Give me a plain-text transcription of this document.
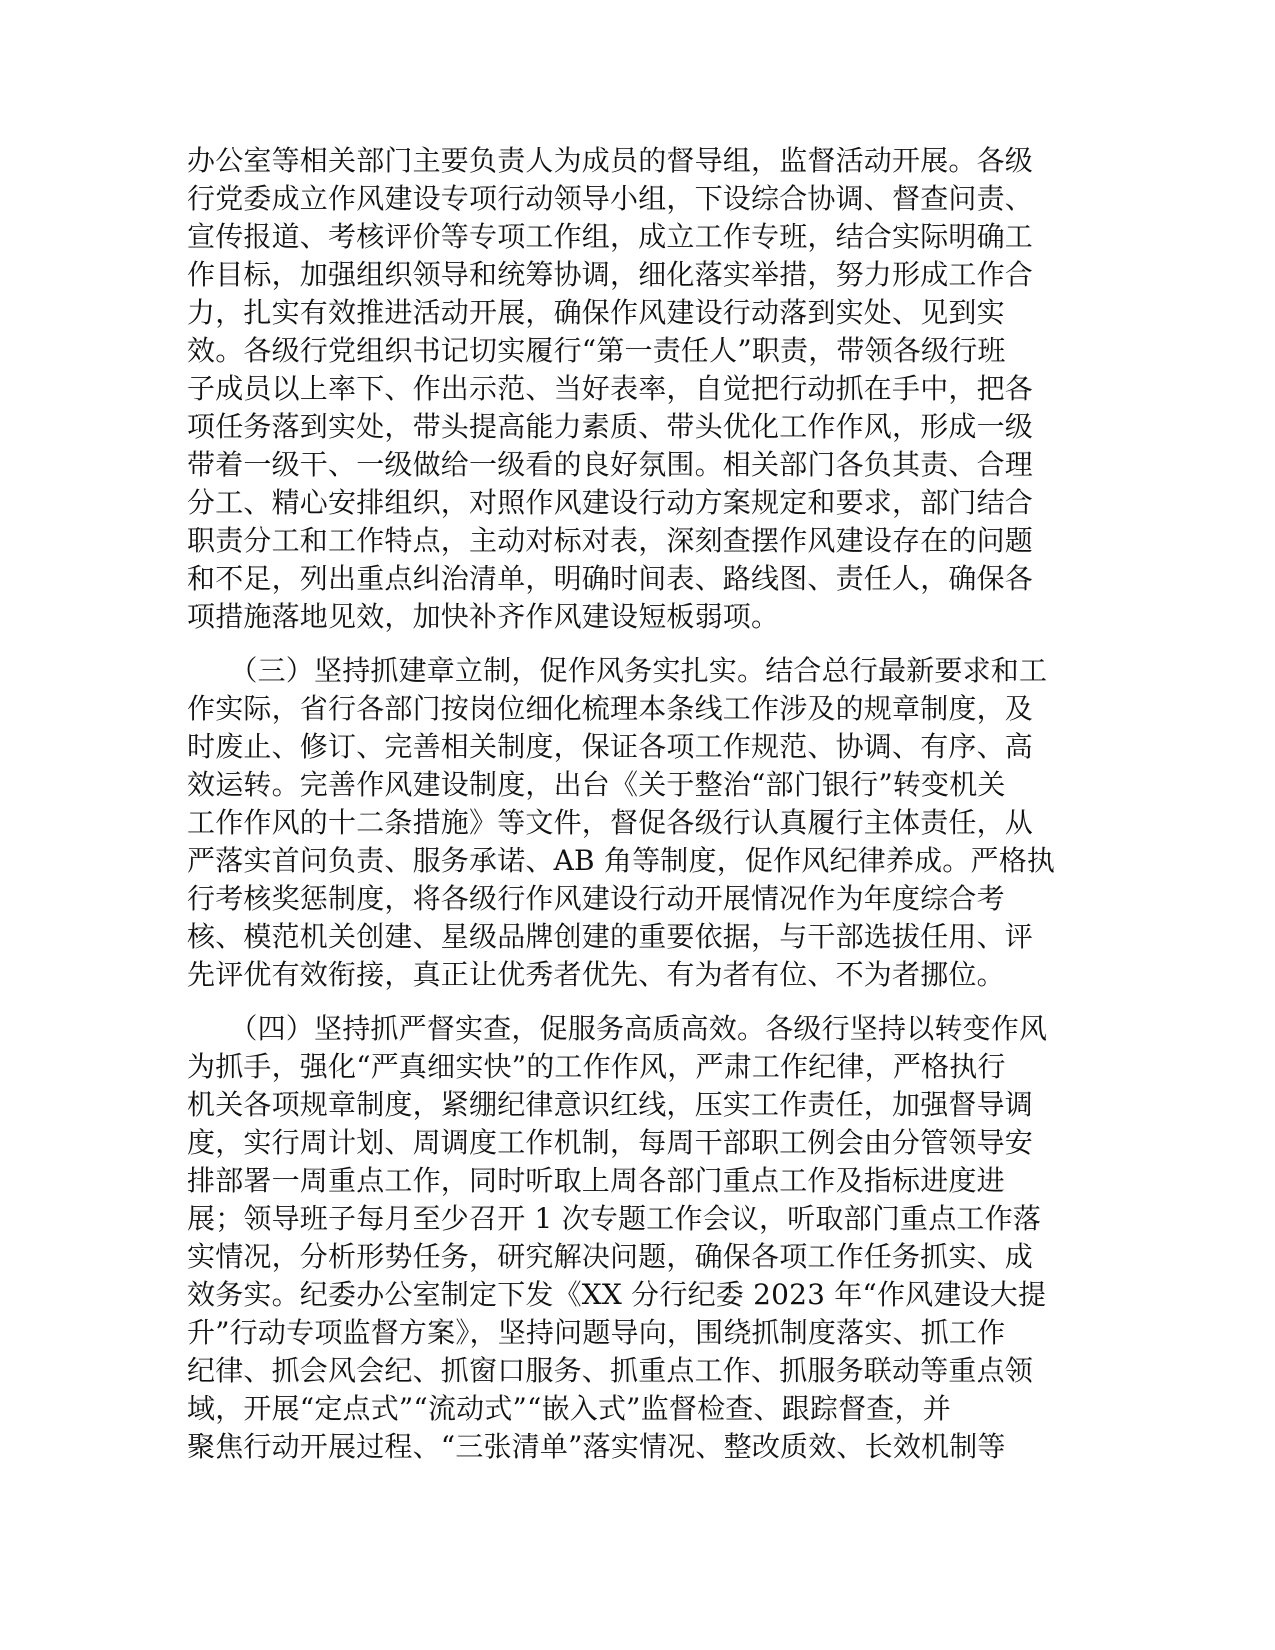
办公室等相关部门主要负责人为成员的督导组，监督活动开展。各级
行党委成立作风建设专项行动领导小组，下设综合协调、督查问责、
宣传报道、考核评价等专项工作组，成立工作专班，结合实际明确工
作目标，加强组织领导和统筹协调，细化落实举措，努力形成工作合
力，扎实有效推进活动开展，确保作风建设行动落到实处、见到实
效。各级行党组织书记切实履行“第一责任人”职责，带领各级行班
子成员以上率下、作出示范、当好表率，自觉把行动抓在手中，把各
项任务落到实处，带头提高能力素质、带头优化工作作风，形成一级
带着一级干、一级做给一级看的良好氛围。相关部门各负其责、合理
分工、精心安排组织，对照作风建设行动方案规定和要求，部门结合
职责分工和工作特点，主动对标对表，深刻查摆作风建设存在的问题
和不足，列出重点纠治清单，明确时间表、路线图、责任人，确保各
项措施落地见效，加快补齐作风建设短板弱项。
　　（三）坚持抓建章立制，促作风务实扎实。结合总行最新要求和工
作实际，省行各部门按岗位细化梳理本条线工作涉及的规章制度，及
时废止、修订、完善相关制度，保证各项工作规范、协调、有序、高
效运转。完善作风建设制度，出台《关于整治“部门银行”转变机关
工作作风的十二条措施》等文件，督促各级行认真履行主体责任，从
严落实首问负责、服务承诺、AB 角等制度，促作风纪律养成。严格执
行考核奖惩制度，将各级行作风建设行动开展情况作为年度综合考
核、模范机关创建、星级品牌创建的重要依据，与干部选拔任用、评
先评优有效衔接，真正让优秀者优先、有为者有位、不为者挪位。
　　（四）坚持抓严督实查，促服务高质高效。各级行坚持以转变作风
为抓手，强化“严真细实快”的工作作风，严肃工作纪律，严格执行
机关各项规章制度，紧绷纪律意识红线，压实工作责任，加强督导调
度，实行周计划、周调度工作机制，每周干部职工例会由分管领导安
排部署一周重点工作，同时听取上周各部门重点工作及指标进度进
展；领导班子每月至少召开 1 次专题工作会议，听取部门重点工作落
实情况，分析形势任务，研究解决问题，确保各项工作任务抓实、成
效务实。纪委办公室制定下发《XX 分行纪委 2023 年“作风建设大提
升”行动专项监督方案》，坚持问题导向，围绕抓制度落实、抓工作
纪律、抓会风会纪、抓窗口服务、抓重点工作、抓服务联动等重点领
域，开展“定点式”“流动式”“嵌入式”监督检查、跟踪督查，并
聚焦行动开展过程、“三张清单”落实情况、整改质效、长效机制等
